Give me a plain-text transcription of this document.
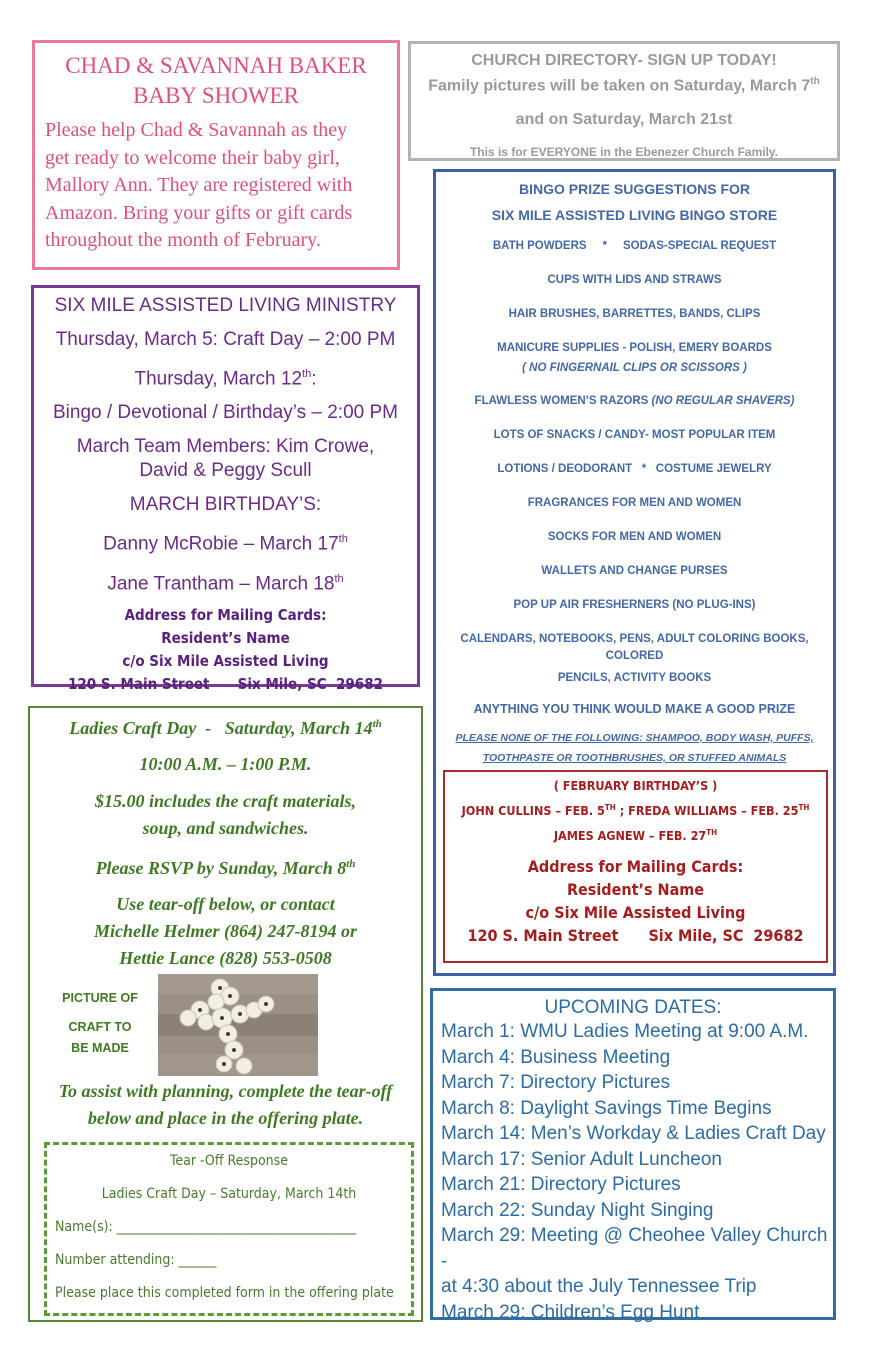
CHAD & SAVANNAH BAKER
BABY SHOWER
Please help Chad & Savannah as they
get ready to welcome their baby girl,
Mallory Ann. They are registered with
Amazon. Bring your gifts or gift cards
throughout the month of February.
CHURCH DIRECTORY- SIGN UP TODAY!
Family pictures will be taken on Saturday, March 7th
and on Saturday, March 21st
This is for EVERYONE in the Ebenezer Church Family.
SIX MILE ASSISTED LIVING MINISTRY
Thursday, March 5: Craft Day – 2:00 PM
Thursday, March 12th:
Bingo / Devotional / Birthday’s – 2:00 PM
March Team Members: Kim Crowe,
David & Peggy Scull
MARCH BIRTHDAY’S:
Danny McRobie – March 17th
Jane Trantham – March 18th
Address for Mailing Cards:
Resident’s Name
c/o Six Mile Assisted Living
120 S. Main Street      Six Mile, SC  29682
BINGO PRIZE SUGGESTIONS FOR
SIX MILE ASSISTED LIVING BINGO STORE
BATH POWDERS     *     SODAS-SPECIAL REQUEST
CUPS WITH LIDS AND STRAWS
HAIR BRUSHES, BARRETTES, BANDS, CLIPS
MANICURE SUPPLIES - POLISH, EMERY BOARDS
( NO FINGERNAIL CLIPS OR SCISSORS )
FLAWLESS WOMEN’S RAZORS (NO REGULAR SHAVERS)
LOTS OF SNACKS / CANDY- MOST POPULAR ITEM
LOTIONS / DEODORANT   *   COSTUME JEWELRY
FRAGRANCES FOR MEN AND WOMEN
SOCKS FOR MEN AND WOMEN
WALLETS AND CHANGE PURSES
POP UP AIR FRESHERNERS (NO PLUG-INS)
CALENDARS, NOTEBOOKS, PENS, ADULT COLORING BOOKS, COLORED
PENCILS, ACTIVITY BOOKS
ANYTHING YOU THINK WOULD MAKE A GOOD PRIZE
PLEASE NONE OF THE FOLLOWING: SHAMPOO, BODY WASH, PUFFS,
TOOTHPASTE OR TOOTHBRUSHES, OR STUFFED ANIMALS
( FEBRUARY BIRTHDAY’S )
JOHN CULLINS – FEB. 5TH ; FREDA WILLIAMS – FEB. 25TH
JAMES AGNEW – FEB. 27TH
Address for Mailing Cards:
Resident’s Name
c/o Six Mile Assisted Living
120 S. Main Street      Six Mile, SC  29682
Ladies Craft Day  -   Saturday, March 14th
10:00 A.M. – 1:00 P.M.
$15.00 includes the craft materials,
soup, and sandwiches.
Please RSVP by Sunday, March 8th
Use tear-off below, or contact
Michelle Helmer (864) 247-8194 or
Hettie Lance (828) 553-0508
PICTURE OF
CRAFT TO
BE MADE
To assist with planning, complete the tear-off
below and place in the offering plate.
Tear -Off Response
Ladies Craft Day – Saturday, March 14th
Name(s): ______________________________________
Number attending: ______
Please place this completed form in the offering plate
UPCOMING DATES:
March 1: WMU Ladies Meeting at 9:00 A.M.
March 4: Business Meeting
March 7: Directory Pictures
March 8: Daylight Savings Time Begins
March 14: Men’s Workday & Ladies Craft Day
March 17: Senior Adult Luncheon
March 21: Directory Pictures
March 22: Sunday Night Singing
March 29: Meeting @ Cheohee Valley Church -
at 4:30 about the July Tennessee Trip
March 29: Children’s Egg Hunt
